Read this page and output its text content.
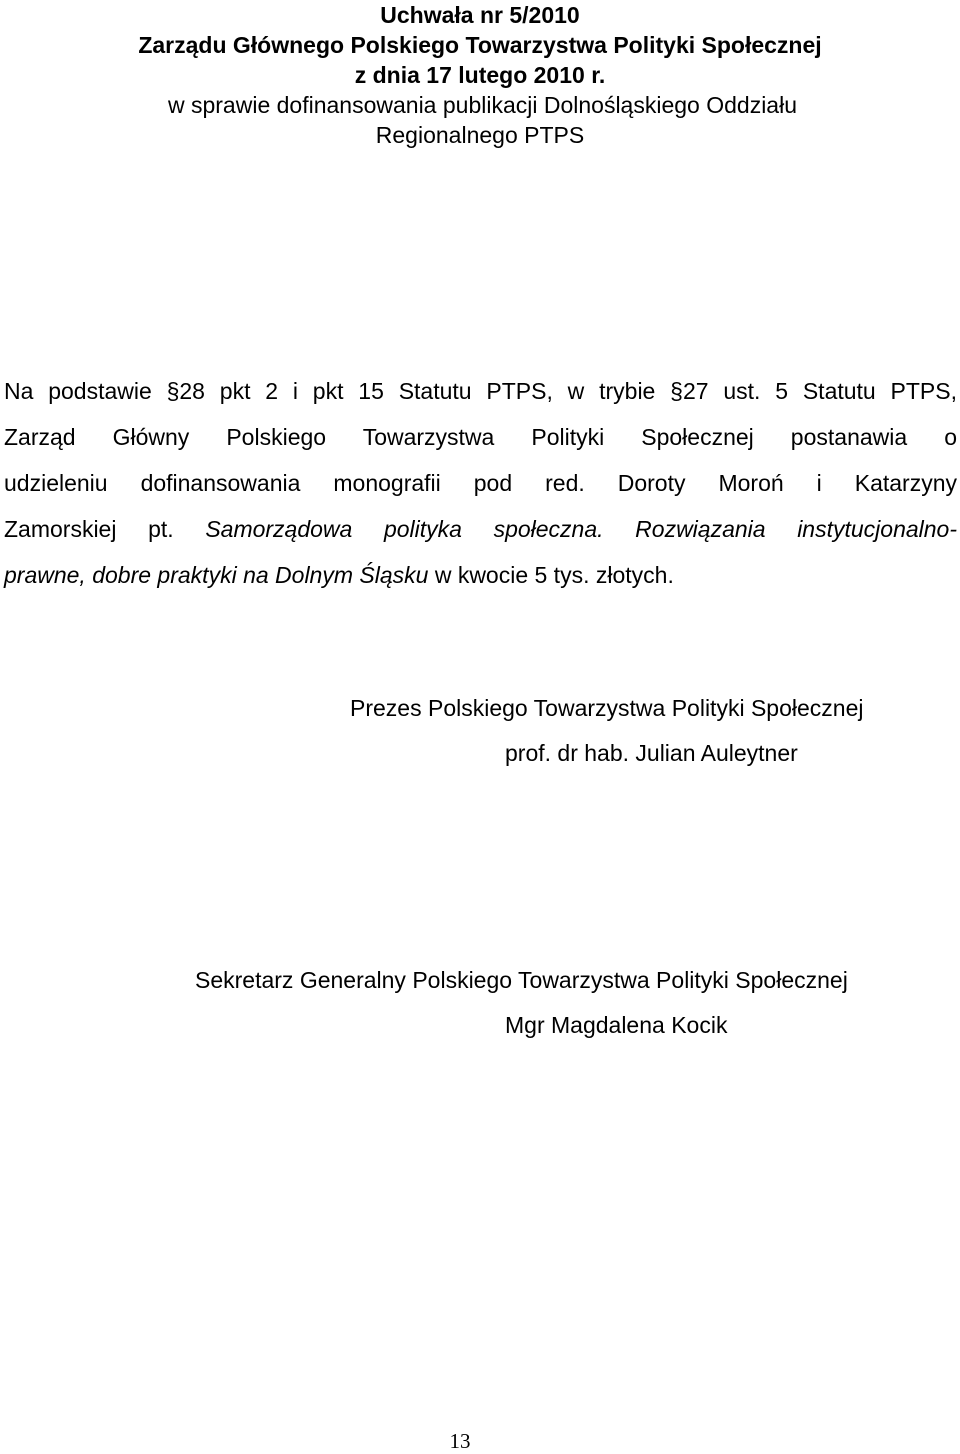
Uchwała nr 5/2010
Zarządu Głównego Polskiego Towarzystwa Polityki Społecznej
z dnia 17 lutego 2010 r.
w sprawie dofinansowania publikacji Dolnośląskiego Oddziału
Regionalnego PTPS
Na podstawie §28 pkt 2 i pkt 15 Statutu PTPS, w trybie §27 ust. 5 Statutu PTPS,
Zarząd Główny Polskiego Towarzystwa Polityki Społecznej postanawia o
udzieleniu dofinansowania monografii pod red. Doroty Moroń i Katarzyny
Zamorskiej pt. Samorządowa polityka społeczna. Rozwiązania instytucjonalno-
prawne, dobre praktyki na Dolnym Śląsku w kwocie 5 tys. złotych.
Prezes Polskiego Towarzystwa Polityki Społecznej
prof. dr hab. Julian Auleytner
Sekretarz Generalny Polskiego Towarzystwa Polityki Społecznej
Mgr Magdalena Kocik
13
